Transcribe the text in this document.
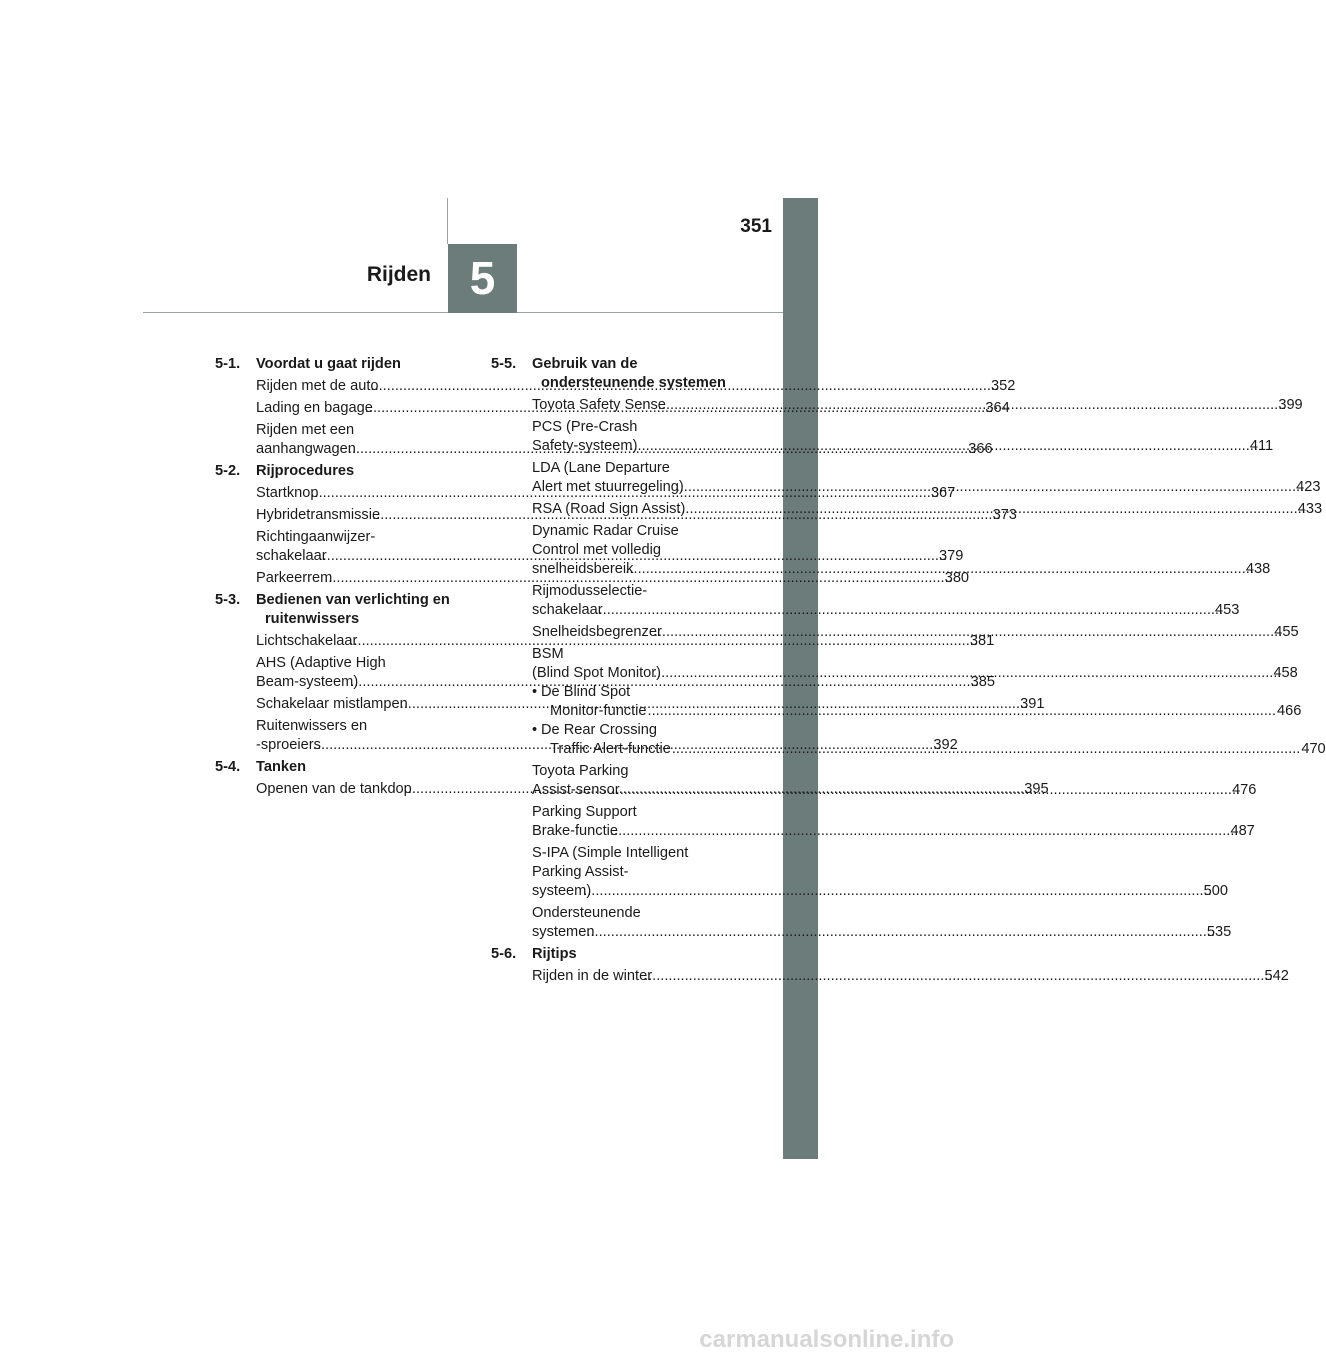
5
Rijden
351
5-1.	Voordat u gaat rijden
Rijden met de auto .....	352
Lading en bagage .....	364
Rijden met een
aanhangwagen .....	366
5-2.	Rijprocedures
Startknop .....	367
Hybridetransmissie .....	373
Richtingaanwijzer-
schakelaar .....	379
Parkeerrem .....	380
5-3.	Bedienen van verlichting en ruitenwissers
Lichtschakelaar .....	381
AHS (Adaptive High
Beam-systeem) .....	385
Schakelaar mistlampen .....	391
Ruitenwissers en
-sproeiers .....	392
5-4.	Tanken
Openen van de tankdop .....	395
5-5.	Gebruik van de ondersteunende systemen
Toyota Safety Sense .....	399
PCS (Pre-Crash
Safety-systeem) .....	411
LDA (Lane Departure
Alert met stuurregeling) .....	423
RSA (Road Sign Assist) .....	433
Dynamic Radar Cruise
Control met volledig
snelheidsbereik .....	438
Rijmodusselectie-
schakelaar .....	453
Snelheidsbegrenzer .....	455
BSM
(Blind Spot Monitor) .....	458
• De Blind Spot
Monitor-functie .....	466
• De Rear Crossing
Traffic Alert-functie .....	470
Toyota Parking
Assist-sensor .....	476
Parking Support
Brake-functie .....	487
S-IPA (Simple Intelligent
Parking Assist-
systeem) .....	500
Ondersteunende
systemen .....	535
5-6.	Rijtips
Rijden in de winter .....	542
carmanualsonline.info
